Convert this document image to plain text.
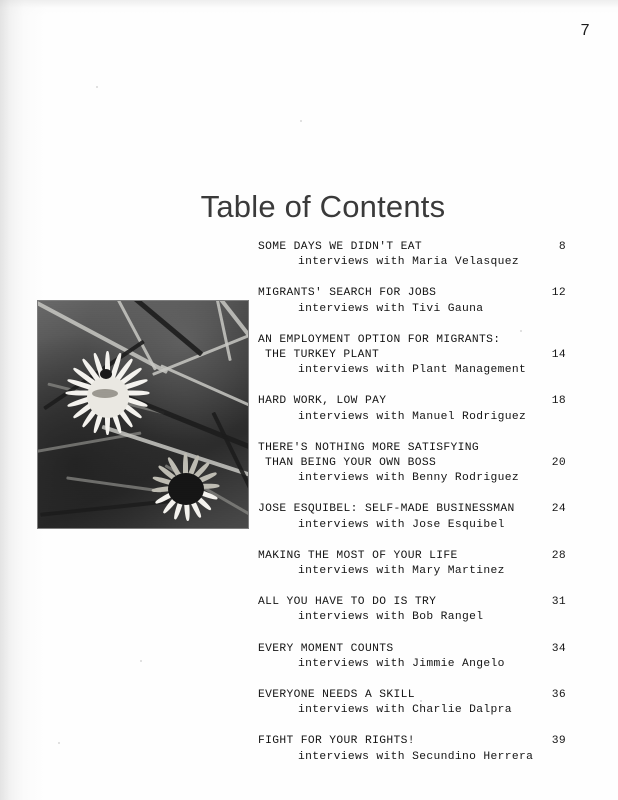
7
Table of Contents
SOME DAYS WE DIDN'T EAT
interviews with Maria Velasquez
8
MIGRANTS' SEARCH FOR JOBS
interviews with Tivi Gauna
12
AN EMPLOYMENT OPTION FOR MIGRANTS:
THE TURKEY PLANT
interviews with Plant Management
14
HARD WORK, LOW PAY
interviews with Manuel Rodriguez
18
THERE'S NOTHING MORE SATISFYING
THAN BEING YOUR OWN BOSS
interviews with Benny Rodriguez
20
JOSE ESQUIBEL: SELF-MADE BUSINESSMAN
interviews with Jose Esquibel
24
MAKING THE MOST OF YOUR LIFE
interviews with Mary Martinez
28
ALL YOU HAVE TO DO IS TRY
interviews with Bob Rangel
31
EVERY MOMENT COUNTS
interviews with Jimmie Angelo
34
EVERYONE NEEDS A SKILL
interviews with Charlie Dalpra
36
FIGHT FOR YOUR RIGHTS!
interviews with Secundino Herrera
39
